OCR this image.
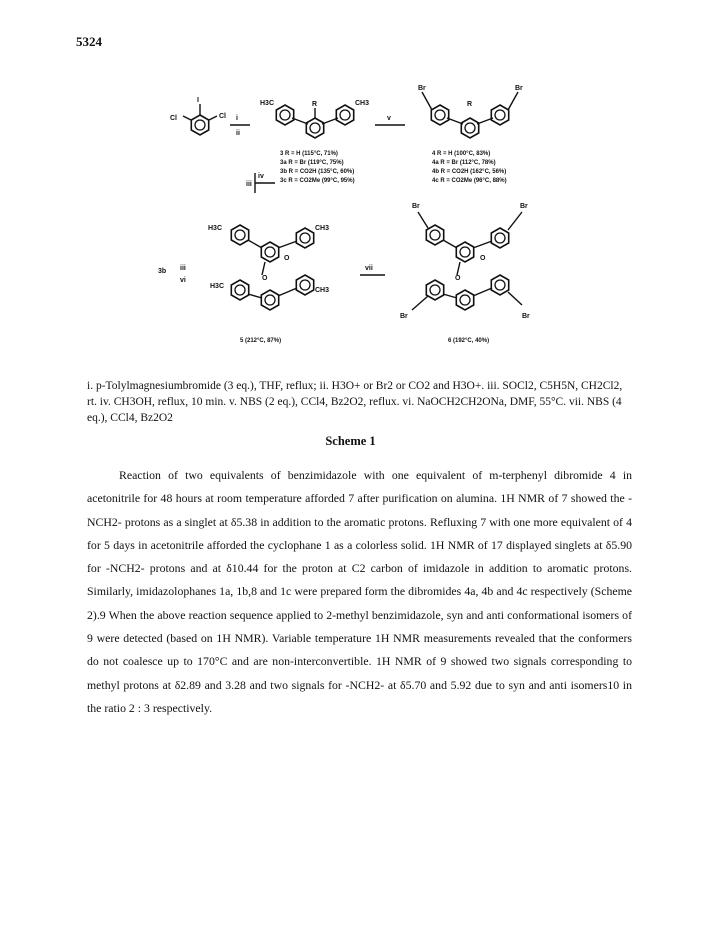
5324
Cl
I
Cl i
ii
H3C	R	CH3
v
Br	Br
R
iii
iv
H3C	CH3
H3C
CH3
O
O
3b iii
vi
vii
Br	Br
Br	Br
O
O
3 R = H (115°C, 71%)
3a R = Br (119°C, 75%)
3b R = CO2H (135°C, 60%)
3c R = CO2Me (99°C, 95%)
4 R = H (100°C, 83%)
4a R = Br (112°C, 78%)
4b R = CO2H (162°C, 56%)
4c R = CO2Me (96°C, 88%)
5 (212°C, 87%)	6 (192°C, 40%)
i. p-Tolylmagnesiumbromide (3 eq.), THF, reflux; ii. H3O+ or Br2 or CO2 and H3O+. iii. SOCl2, C5H5N, CH2Cl2, rt. iv. CH3OH, reflux, 10 min. v. NBS (2 eq.), CCl4, Bz2O2, reflux. vi. NaOCH2CH2ONa, DMF, 55°C. vii. NBS (4 eq.), CCl4, Bz2O2
Scheme 1

Reaction of two equivalents of benzimidazole with one equivalent of m-terphenyl dibromide 4 in acetonitrile for 48 hours at room temperature afforded 7 after purification on alumina. 1H NMR of 7 showed the -NCH2- protons as a singlet at δ5.38 in addition to the aromatic protons. Refluxing 7 with one more equivalent of 4 for 5 days in acetonitrile afforded the cyclophane 1 as a colorless solid. 1H NMR of 17 displayed singlets at δ5.90 for -NCH2- protons and at δ10.44 for the proton at C2 carbon of imidazole in addition to aromatic protons. Similarly, imidazolophanes 1a, 1b,8 and 1c were prepared form the dibromides 4a, 4b and 4c respectively (Scheme 2).9 When the above reaction sequence applied to 2-methyl benzimidazole, syn and anti conformational isomers of 9 were detected (based on 1H NMR). Variable temperature 1H NMR measurements revealed that the conformers do not coalesce up to 170°C and are non-interconvertible. 1H NMR of 9 showed two signals corresponding to methyl protons at δ2.89 and 3.28 and two signals for -NCH2- at δ5.70 and 5.92 due to syn and anti isomers10 in the ratio 2 : 3 respectively.
